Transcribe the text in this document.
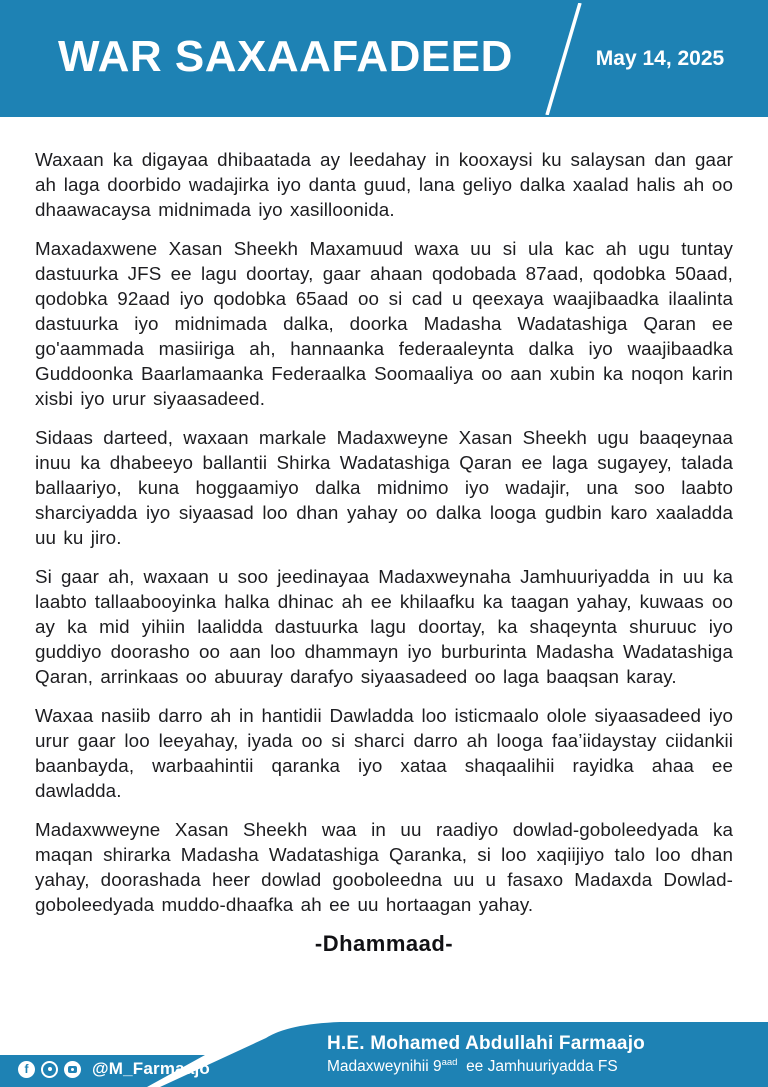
WAR SAXAAFADEED	May 14, 2025

Waxaan ka digayaa dhibaatada ay leedahay in kooxaysi ku salaysan dan gaar ah laga doorbido wadajirka iyo danta guud, lana geliyo dalka xaalad halis ah oo dhaawacaysa midnimada iyo xasilloonida.

Maxadaxwene Xasan Sheekh Maxamuud waxa uu si ula kac ah ugu tuntay dastuurka JFS ee lagu doortay, gaar ahaan qodobada 87aad, qodobka 50aad, qodobka 92aad iyo qodobka 65aad oo si cad u qeexaya waajibaadka ilaalinta dastuurka iyo midnimada dalka, doorka Madasha Wadatashiga Qaran ee go'aammada masiiriga ah, hannaanka federaaleynta dalka iyo waajibaadka Guddoonka Baarlamaanka Federaalka Soomaaliya oo aan xubin ka noqon karin xisbi iyo urur siyaasadeed.

Sidaas darteed, waxaan markale Madaxweyne Xasan Sheekh ugu baaqeynaa inuu ka dhabeeyo ballantii Shirka Wadatashiga Qaran ee laga sugayey, talada ballaariyo, kuna hoggaamiyo dalka midnimo iyo wadajir, una soo laabto sharciyadda iyo siyaasad loo dhan yahay oo dalka looga gudbin karo xaaladda uu ku jiro.

Si gaar ah, waxaan u soo jeedinayaa Madaxweynaha Jamhuuriyadda in uu ka laabto tallaabooyinka halka dhinac ah ee khilaafku ka taagan yahay, kuwaas oo ay ka mid yihiin laalidda dastuurka lagu doortay, ka shaqeynta shuruuc iyo guddiyo doorasho oo aan loo dhammayn iyo burburinta Madasha Wadatashiga Qaran, arrinkaas oo abuuray darafyo siyaasadeed oo laga baaqsan karay.

Waxaa nasiib darro ah in hantidii Dawladda loo isticmaalo olole siyaasadeed iyo urur gaar loo leeyahay, iyada oo si sharci darro ah looga faa’iidaystay ciidankii baanbayda, warbaahintii qaranka iyo xataa shaqaalihii rayidka ahaa ee dawladda.

Madaxwweyne Xasan Sheekh waa in uu raadiyo dowlad-goboleedyada ka maqan shirarka Madasha Wadatashiga Qaranka, si loo xaqiijiyo talo loo dhan yahay, doorashada heer dowlad gooboleedna uu u fasaxo Madaxda Dowlad-goboleedyada muddo-dhaafka ah ee uu hortaagan yahay.

-Dhammaad-
f	@M_Farmaajo
H.E. Mohamed Abdullahi Farmaajo
Madaxweynihii $9^{aad}$  ee Jamhuuriyadda FS
